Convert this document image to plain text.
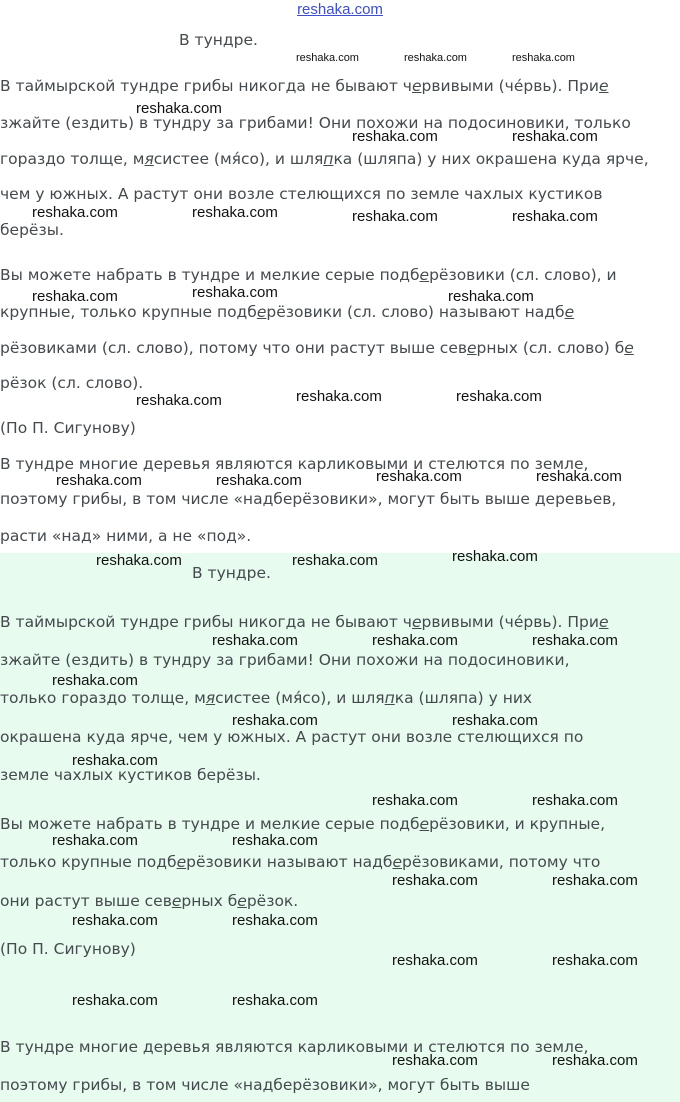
reshaka.com
В тундре.
В таймырской тундре грибы никогда не бывают червивыми (че́рвь). Прие
зжайте (ездить) в тундру за грибами! Они похожи на подосиновики, только
гораздо толще, мясистее (мя́со), и шляпка (шляпа) у них окрашена куда ярче,
чем у южных. А растут они возле стелющихся по земле чахлых кустиков
берёзы.
Вы можете набрать в тундре и мелкие серые подберёзовики (сл. слово), и
крупные, только крупные подберёзовики (сл. слово) называют надбе
рёзовиками (сл. слово), потому что они растут выше северных (сл. слово) бе
рёзок (сл. слово).
(По П. Сигунову)
В тундре многие деревья являются карликовыми и стелются по земле,
поэтому грибы, в том числе «надберёзовики», могут быть выше деревьев,
расти «над» ними, а не «под».
В тундре.
В таймырской тундре грибы никогда не бывают червивыми (че́рвь). Прие
зжайте (ездить) в тундру за грибами! Они похожи на подосиновики,
только гораздо толще, мясистее (мя́со), и шляпка (шляпа) у них
окрашена куда ярче, чем у южных. А растут они возле стелющихся по
земле чахлых кустиков берёзы.
Вы можете набрать в тундре и мелкие серые подберёзовики, и крупные,
только крупные подберёзовики называют надберёзовиками, потому что
они растут выше северных берёзок.
(По П. Сигунову)
В тундре многие деревья являются карликовыми и стелются по земле,
поэтому грибы, в том числе «надберёзовики», могут быть выше
reshaka.com	reshaka.com	reshaka.com
reshaka.com
reshaka.com	reshaka.com
reshaka.com	reshaka.com	reshaka.com	reshaka.com
reshaka.com	reshaka.com	reshaka.com
reshaka.com	reshaka.com	reshaka.com
reshaka.com	reshaka.com	reshaka.com	reshaka.com
reshaka.com	reshaka.com	reshaka.com
reshaka.com	reshaka.com	reshaka.com
reshaka.com
reshaka.com	reshaka.com
reshaka.com
reshaka.com	reshaka.com
reshaka.com	reshaka.com
reshaka.com	reshaka.com
reshaka.com	reshaka.com
reshaka.com	reshaka.com
reshaka.com	reshaka.com
reshaka.com	reshaka.com
